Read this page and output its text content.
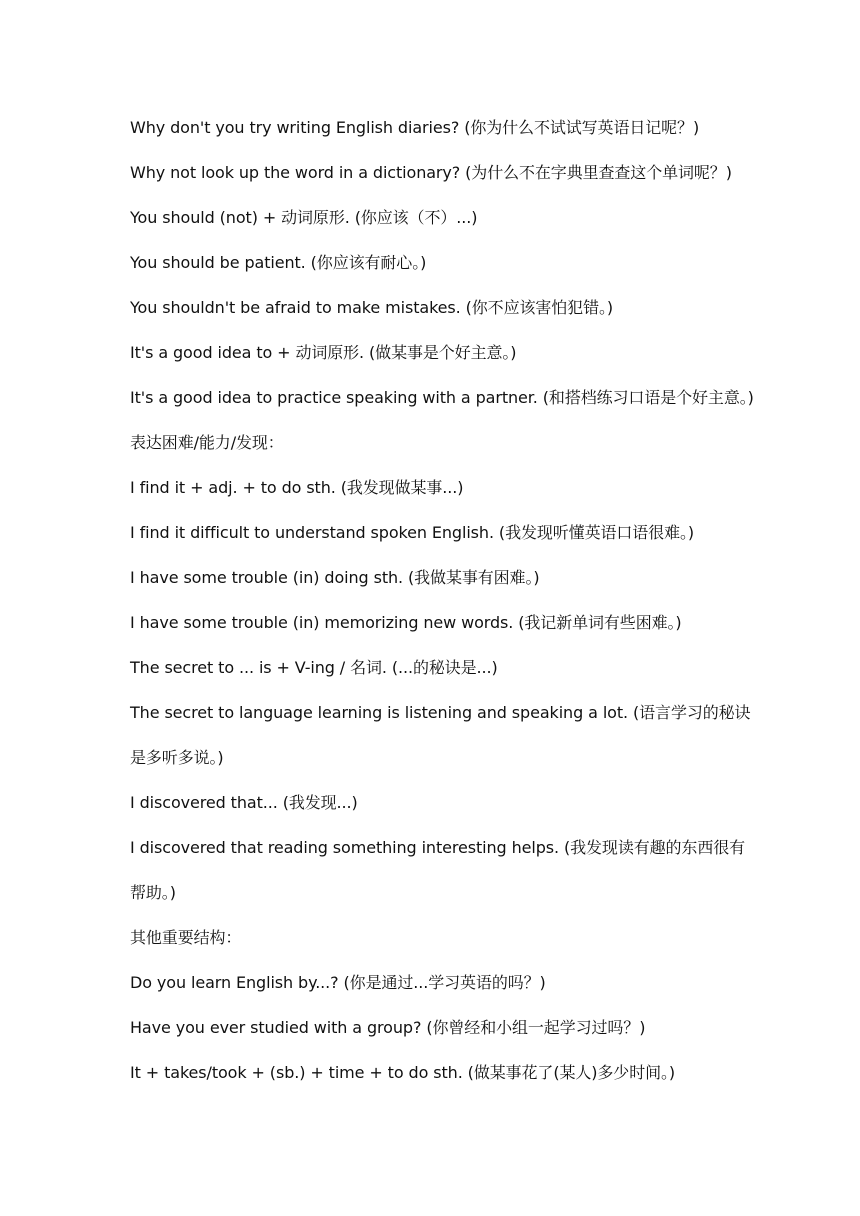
Why don't you try writing English diaries? (你为什么不试试写英语日记呢？)
Why not look up the word in a dictionary? (为什么不在字典里查查这个单词呢？)
You should (not) + 动词原形. (你应该（不）...)
You should be patient. (你应该有耐心。)
You shouldn't be afraid to make mistakes. (你不应该害怕犯错。)
It's a good idea to + 动词原形. (做某事是个好主意。)
It's a good idea to practice speaking with a partner. (和搭档练习口语是个好主意。)
表达困难/能力/发现：
I find it + adj. + to do sth. (我发现做某事...)
I find it difficult to understand spoken English. (我发现听懂英语口语很难。)
I have some trouble (in) doing sth. (我做某事有困难。)
I have some trouble (in) memorizing new words. (我记新单词有些困难。)
The secret to ... is + V-ing / 名词. (...的秘诀是...)
The secret to language learning is listening and speaking a lot. (语言学习的秘诀
是多听多说。)
I discovered that... (我发现...)
I discovered that reading something interesting helps. (我发现读有趣的东西很有
帮助。)
其他重要结构：
Do you learn English by...? (你是通过...学习英语的吗？)
Have you ever studied with a group? (你曾经和小组一起学习过吗？)
It + takes/took + (sb.) + time + to do sth. (做某事花了(某人)多少时间。)
